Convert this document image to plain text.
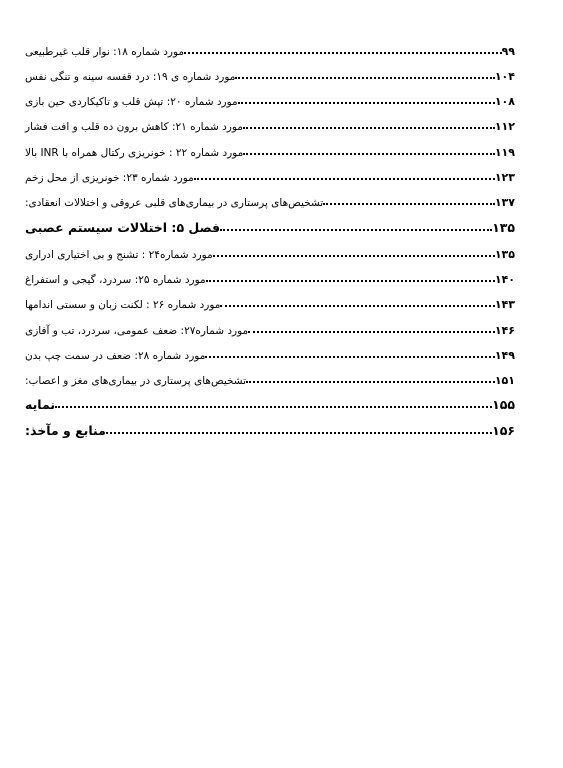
مورد شماره ۱۸: نوار قلب غیرطبیعی	۹۹
مورد شماره ی ۱۹: درد قفسه سینه و تنگی نفس	۱۰۴
مورد شماره ۲۰: تپش قلب و تاکیکاردی حین بازی	۱۰۸
مورد شماره ۲۱: کاهش برون ده قلب و افت فشار	۱۱۲
مورد شماره ۲۲ : خونریزی رکتال همراه با INR بالا	۱۱۹
مورد شماره ۲۳: خونریزی از محل زخم	۱۲۳
تشخیص‌های پرستاری در بیماری‌های قلبی عروقی و اختلالات انعقادی:	۱۳۷
فصل ۵: اختلالات سیستم عصبی	۱۳۵
مورد شماره۲۴ : تشنج و بی اختیاری ادراری	۱۳۵
مورد شماره ۲۵: سردرد، گیجی و استفراغ	۱۴۰
مورد شماره ۲۶ : لکنت زبان و سستی اندامها	۱۴۳
مورد شماره۲۷: ضعف عمومی، سردرد، تب و آفازی	۱۴۶
مورد شماره ۲۸: ضعف در سمت چپ بدن	۱۴۹
تشخیص‌های پرستاری در بیماری‌های مغز و اعصاب:	۱۵۱
نمایه	۱۵۵
منابع و مآخذ:	۱۵۶
